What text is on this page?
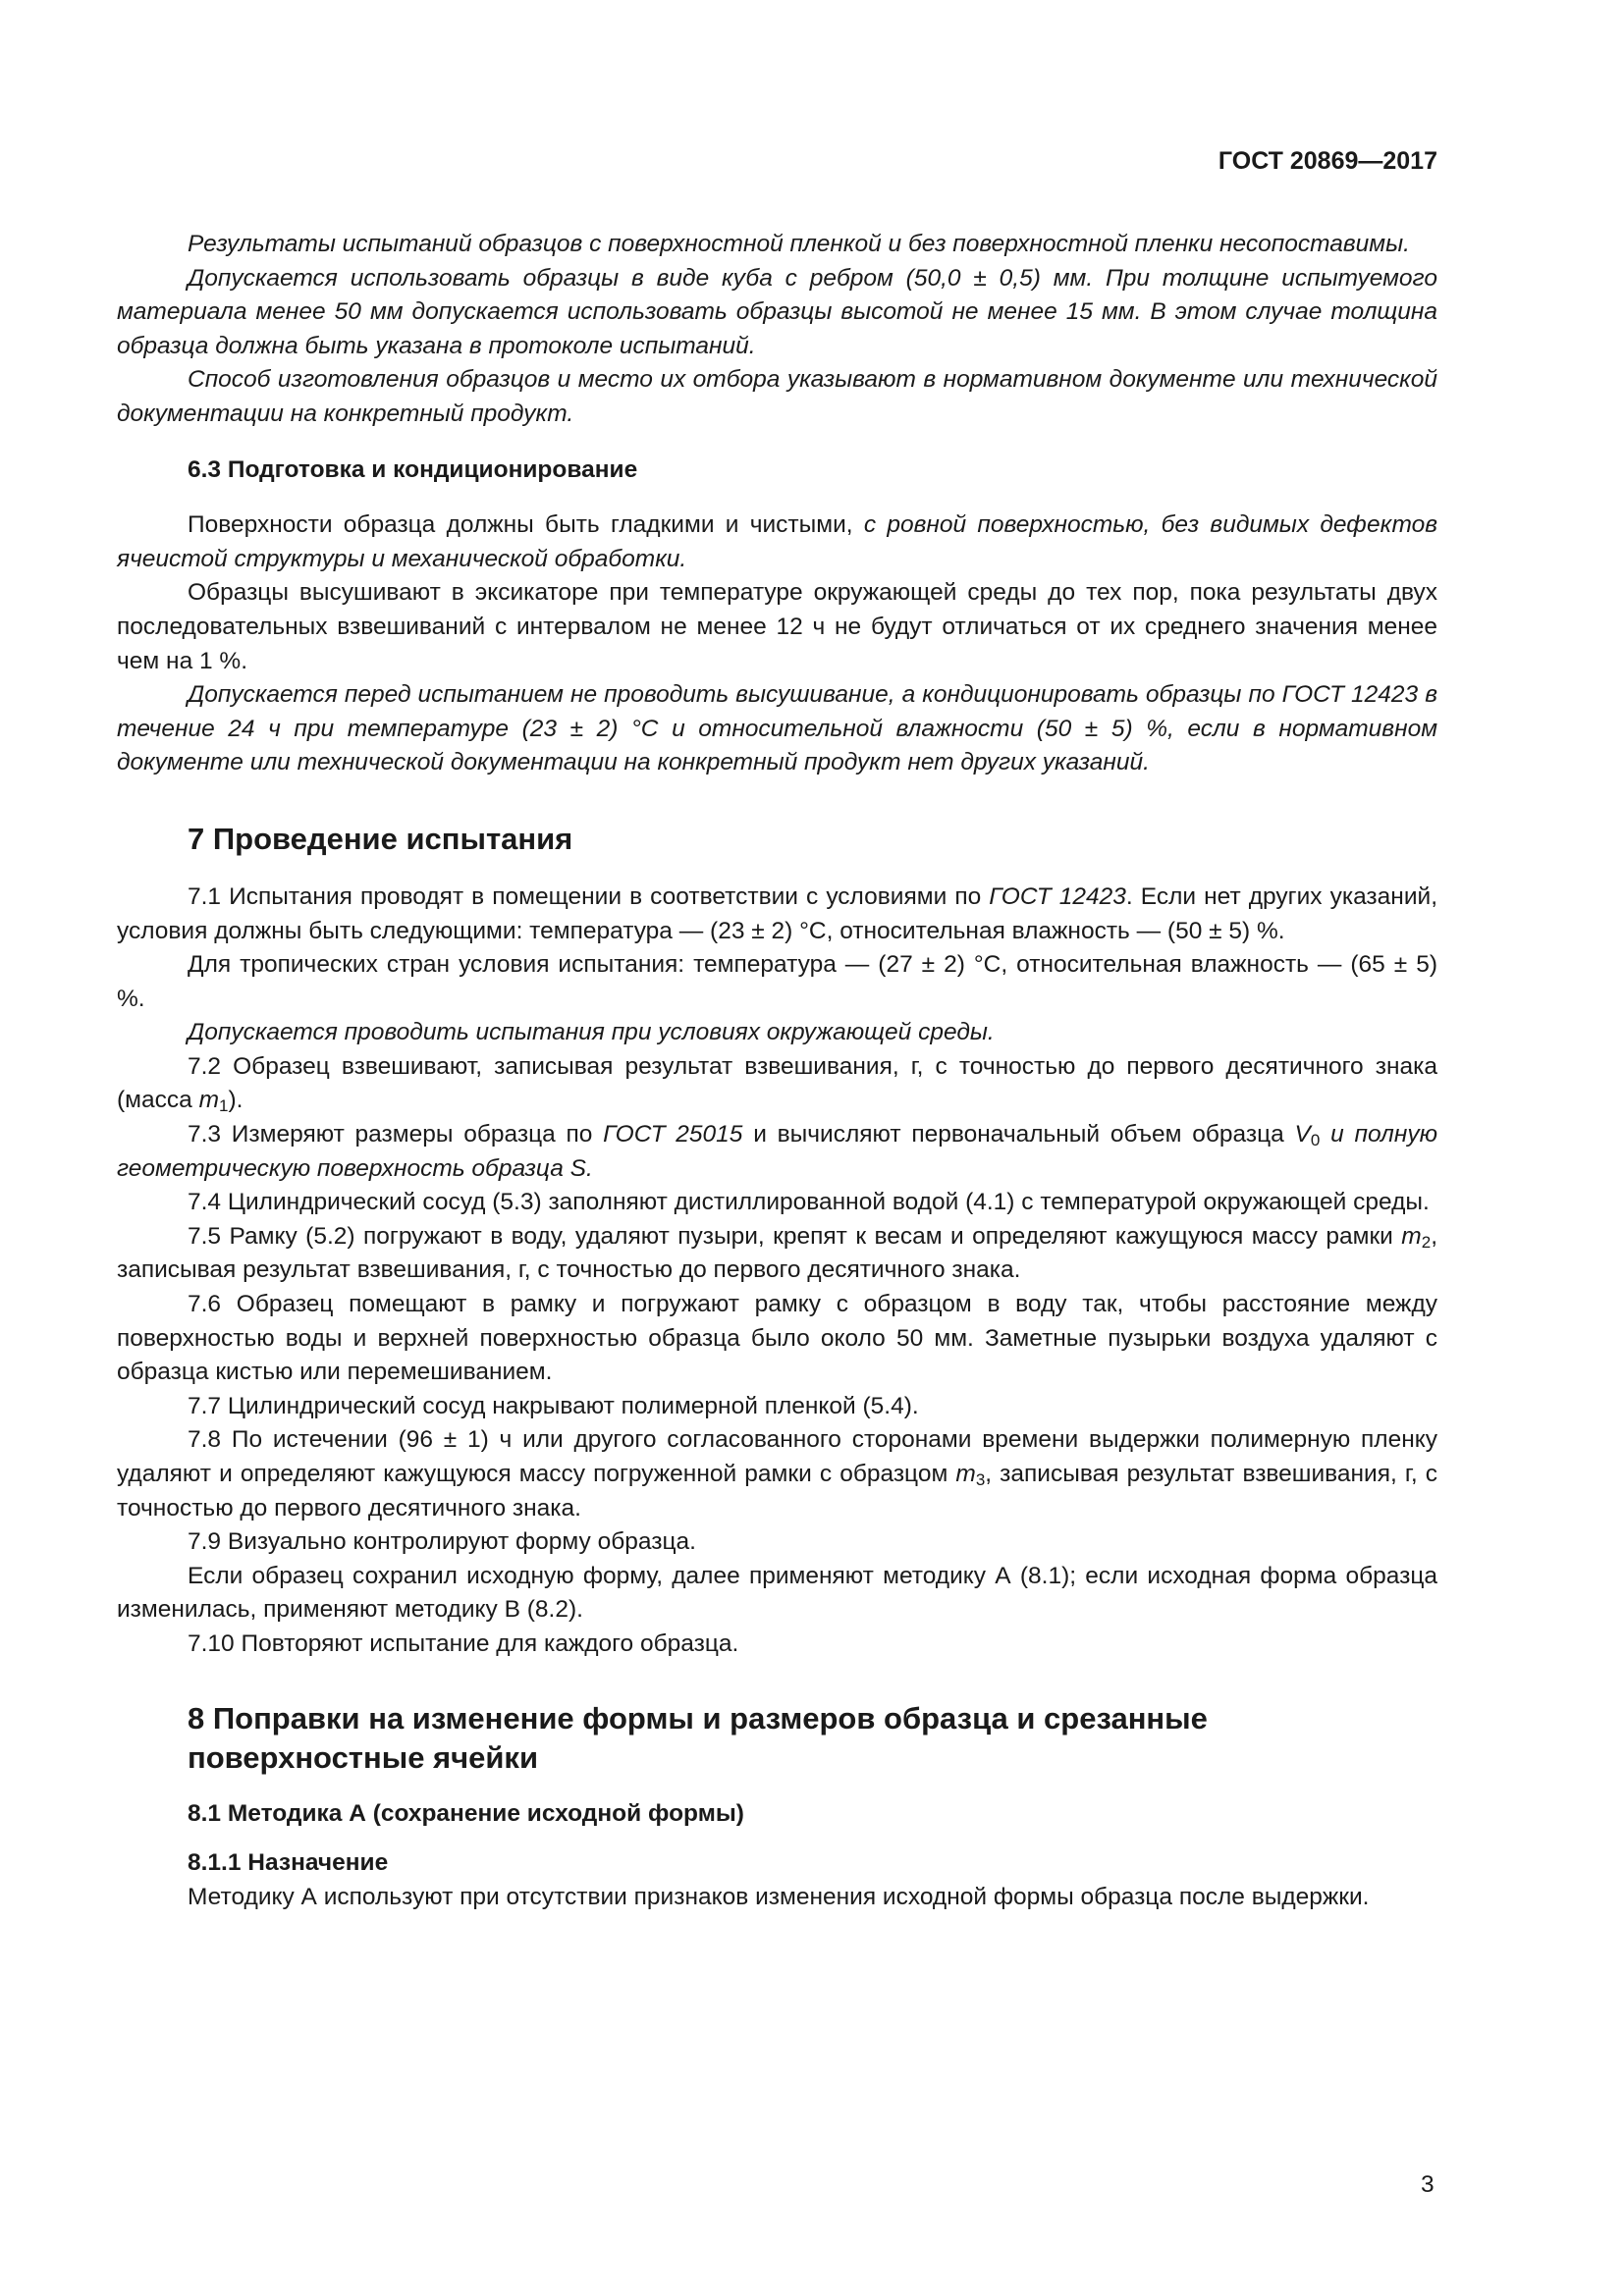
ГОСТ 20869—2017

Результаты испытаний образцов с поверхностной пленкой и без поверхностной пленки несопоставимы.

Допускается использовать образцы в виде куба с ребром (50,0 ± 0,5) мм. При толщине испытуемого материала менее 50 мм допускается использовать образцы высотой не менее 15 мм. В этом случае толщина образца должна быть указана в протоколе испытаний.

Способ изготовления образцов и место их отбора указывают в нормативном документе или технической документации на конкретный продукт.

6.3 Подготовка и кондиционирование

Поверхности образца должны быть гладкими и чистыми, с ровной поверхностью, без видимых дефектов ячеистой структуры и механической обработки.

Образцы высушивают в эксикаторе при температуре окружающей среды до тех пор, пока результаты двух последовательных взвешиваний с интервалом не менее 12 ч не будут отличаться от их среднего значения менее чем на 1 %.

Допускается перед испытанием не проводить высушивание, а кондиционировать образцы по ГОСТ 12423 в течение 24 ч при температуре (23 ± 2) °С и относительной влажности (50 ± 5) %, если в нормативном документе или технической документации на конкретный продукт нет других указаний.

7 Проведение испытания

7.1 Испытания проводят в помещении в соответствии с условиями по ГОСТ 12423. Если нет других указаний, условия должны быть следующими: температура — (23 ± 2) °С, относительная влажность — (50 ± 5) %.

Для тропических стран условия испытания: температура — (27 ± 2) °С, относительная влажность — (65 ± 5) %.

Допускается проводить испытания при условиях окружающей среды.

7.2 Образец взвешивают, записывая результат взвешивания, г, с точностью до первого десятичного знака (масса $m_1$).

7.3 Измеряют размеры образца по ГОСТ 25015 и вычисляют первоначальный объем образца $V_0$ и полную геометрическую поверхность образца S.

7.4 Цилиндрический сосуд (5.3) заполняют дистиллированной водой (4.1) с температурой окружающей среды.

7.5 Рамку (5.2) погружают в воду, удаляют пузыри, крепят к весам и определяют кажущуюся массу рамки $m_2$, записывая результат взвешивания, г, с точностью до первого десятичного знака.

7.6 Образец помещают в рамку и погружают рамку с образцом в воду так, чтобы расстояние между поверхностью воды и верхней поверхностью образца было около 50 мм. Заметные пузырьки воздуха удаляют с образца кистью или перемешиванием.

7.7 Цилиндрический сосуд накрывают полимерной пленкой (5.4).

7.8 По истечении (96 ± 1) ч или другого согласованного сторонами времени выдержки полимерную пленку удаляют и определяют кажущуюся массу погруженной рамки с образцом $m_3$, записывая результат взвешивания, г, с точностью до первого десятичного знака.

7.9 Визуально контролируют форму образца.

Если образец сохранил исходную форму, далее применяют методику А (8.1); если исходная форма образца изменилась, применяют методику В (8.2).

7.10 Повторяют испытание для каждого образца.

8 Поправки на изменение формы и размеров образца и срезанные поверхностные ячейки
8.1 Методика А (сохранение исходной формы)
8.1.1 Назначение

Методику А используют при отсутствии признаков изменения исходной формы образца после выдержки.

3
